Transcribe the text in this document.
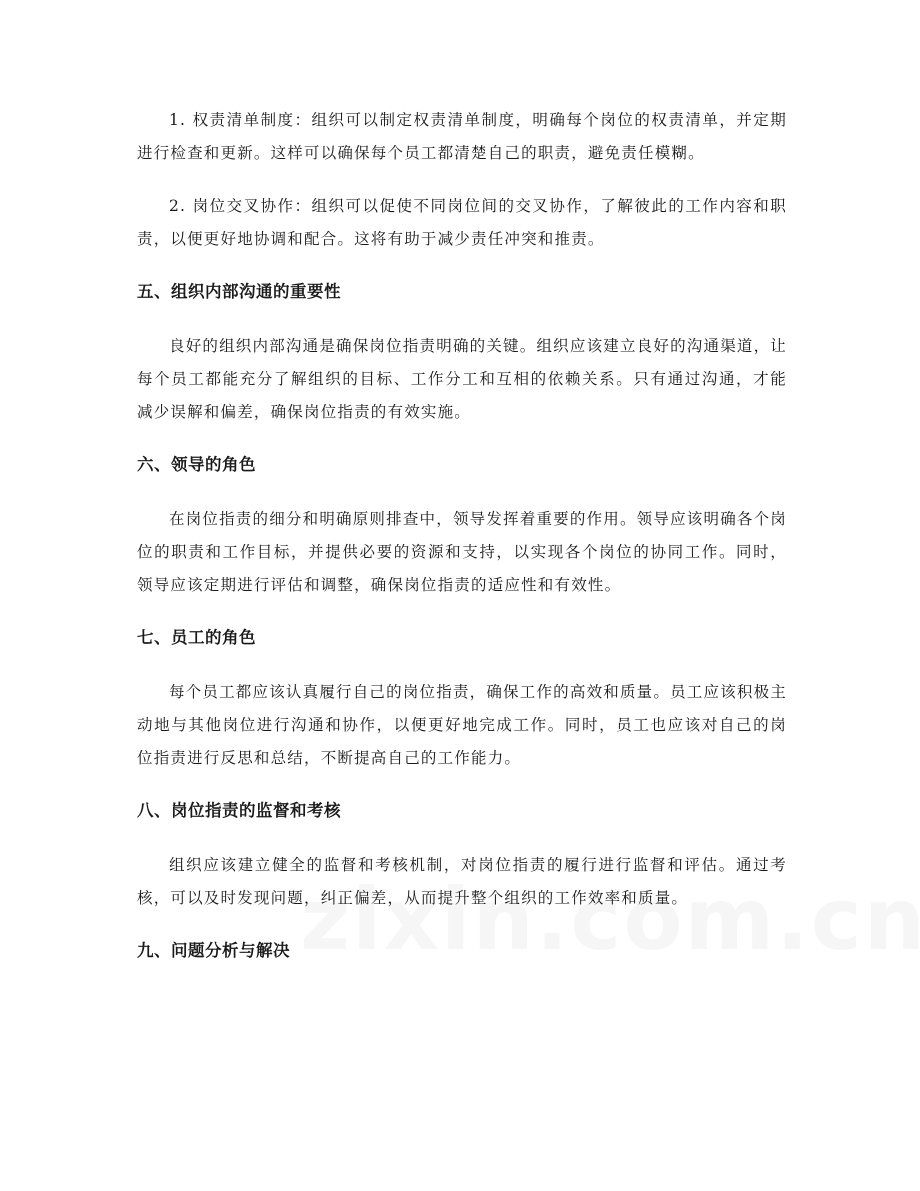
1. 权责清单制度：组织可以制定权责清单制度，明确每个岗位的权责清单，并定期进行检查和更新。这样可以确保每个员工都清楚自己的职责，避免责任模糊。

2. 岗位交叉协作：组织可以促使不同岗位间的交叉协作，了解彼此的工作内容和职责，以便更好地协调和配合。这将有助于减少责任冲突和推责。

五、组织内部沟通的重要性

良好的组织内部沟通是确保岗位指责明确的关键。组织应该建立良好的沟通渠道，让每个员工都能充分了解组织的目标、工作分工和互相的依赖关系。只有通过沟通，才能减少误解和偏差，确保岗位指责的有效实施。

六、领导的角色

在岗位指责的细分和明确原则排查中，领导发挥着重要的作用。领导应该明确各个岗位的职责和工作目标，并提供必要的资源和支持，以实现各个岗位的协同工作。同时，领导应该定期进行评估和调整，确保岗位指责的适应性和有效性。

七、员工的角色

每个员工都应该认真履行自己的岗位指责，确保工作的高效和质量。员工应该积极主动地与其他岗位进行沟通和协作，以便更好地完成工作。同时，员工也应该对自己的岗位指责进行反思和总结，不断提高自己的工作能力。

八、岗位指责的监督和考核

组织应该建立健全的监督和考核机制，对岗位指责的履行进行监督和评估。通过考核，可以及时发现问题，纠正偏差，从而提升整个组织的工作效率和质量。

九、问题分析与解决
